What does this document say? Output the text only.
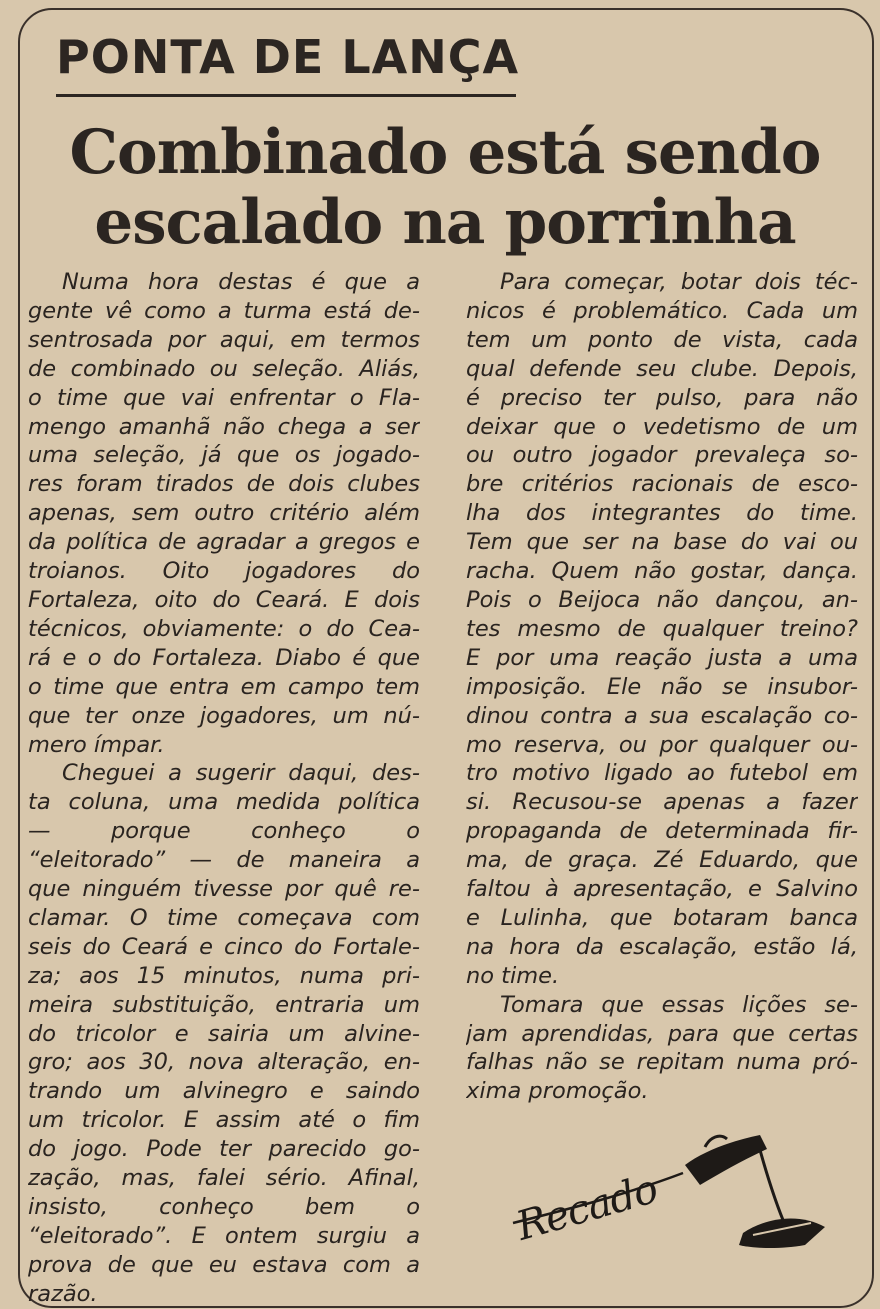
PONTA DE LANÇA
Combinado está sendo
escalado na porrinha
Numa hora destas é que a
gente vê como a turma está de-
sentrosada por aqui, em termos
de combinado ou seleção. Aliás,
o time que vai enfrentar o Fla-
mengo amanhã não chega a ser
uma seleção, já que os jogado-
res foram tirados de dois clubes
apenas, sem outro critério além
da política de agradar a gregos e
troianos. Oito jogadores do
Fortaleza, oito do Ceará. E dois
técnicos, obviamente: o do Cea-
rá e o do Fortaleza. Diabo é que
o time que entra em campo tem
que ter onze jogadores, um nú-
mero ímpar.
Cheguei a sugerir daqui, des-
ta coluna, uma medida política
— porque conheço o
“eleitorado” — de maneira a
que ninguém tivesse por quê re-
clamar. O time começava com
seis do Ceará e cinco do Fortale-
za; aos 15 minutos, numa pri-
meira substituição, entraria um
do tricolor e sairia um alvine-
gro; aos 30, nova alteração, en-
trando um alvinegro e saindo
um tricolor. E assim até o fim
do jogo. Pode ter parecido go-
zação, mas, falei sério. Afinal,
insisto, conheço bem o
“eleitorado”. E ontem surgiu a
prova de que eu estava com a
razão.
Para começar, botar dois téc-
nicos é problemático. Cada um
tem um ponto de vista, cada
qual defende seu clube. Depois,
é preciso ter pulso, para não
deixar que o vedetismo de um
ou outro jogador prevaleça so-
bre critérios racionais de esco-
lha dos integrantes do time.
Tem que ser na base do vai ou
racha. Quem não gostar, dança.
Pois o Beijoca não dançou, an-
tes mesmo de qualquer treino?
E por uma reação justa a uma
imposição. Ele não se insubor-
dinou contra a sua escalação co-
mo reserva, ou por qualquer ou-
tro motivo ligado ao futebol em
si. Recusou-se apenas a fazer
propaganda de determinada fir-
ma, de graça. Zé Eduardo, que
faltou à apresentação, e Salvino
e Lulinha, que botaram banca
na hora da escalação, estão lá,
no time.
Tomara que essas lições se-
jam aprendidas, para que certas
falhas não se repitam numa pró-
xima promoção.
Recado
